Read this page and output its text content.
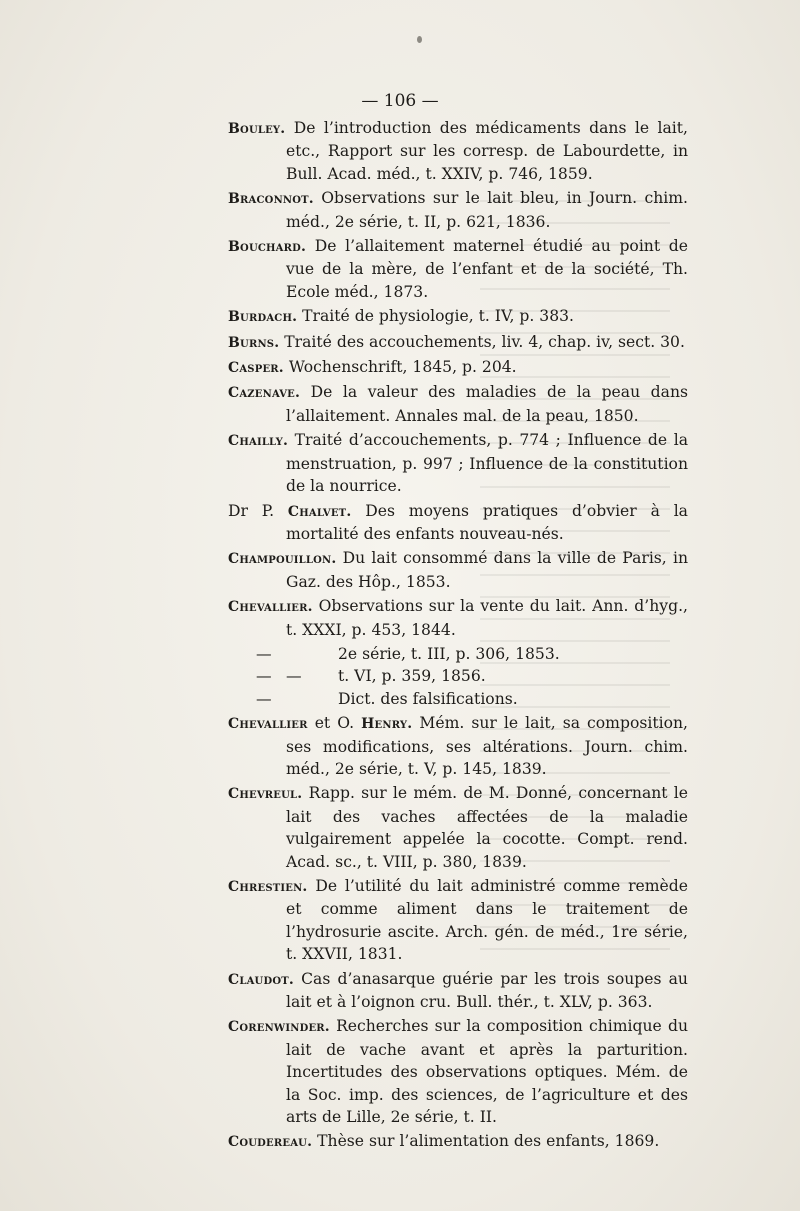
— 106 —
Bouley. De l’introduction des médicaments dans le lait, etc., Rapport sur les corresp. de Labourdette, in Bull. Acad. méd., t. XXIV, p. 746, 1859.
Braconnot. Observations sur le lait bleu, in Journ. chim. méd., 2e série, t. II, p. 621, 1836.
Bouchard. De l’allaitement maternel étudié au point de vue de la mère, de l’enfant et de la société, Th. Ecole méd., 1873.
Burdach. Traité de physiologie, t. IV, p. 383.
Burns. Traité des accouchements, liv. 4, chap. iv, sect. 30.
Casper. Wochenschrift, 1845, p. 204.
Cazenave. De la valeur des maladies de la peau dans l’allaitement. Annales mal. de la peau, 1850.
Chailly. Traité d’accouchements, p. 774 ; Influence de la menstruation, p. 997 ; Influence de la constitution de la nourrice.
Dr P. Chalvet. Des moyens pratiques d’obvier à la mortalité des enfants nouveau-nés.
Champouillon. Du lait consommé dans la ville de Paris, in Gaz. des Hôp., 1853.
Chevallier. Observations sur la vente du lait. Ann. d’hyg., t. XXXI, p. 453, 1844.
—	2e série, t. III, p. 306, 1853.
— —	t. VI, p. 359, 1856.
—	Dict. des falsifications.
Chevallier et O. Henry. Mém. sur le lait, sa composition, ses modifications, ses altérations. Journ. chim. méd., 2e série, t. V, p. 145, 1839.
Chevreul. Rapp. sur le mém. de M. Donné, concernant le lait des vaches affectées de la maladie vulgairement appelée la cocotte. Compt. rend. Acad. sc., t. VIII, p. 380, 1839.
Chrestien. De l’utilité du lait administré comme remède et comme aliment dans le traitement de l’hydrosurie ascite. Arch. gén. de méd., 1re série, t. XXVII, 1831.
Claudot. Cas d’anasarque guérie par les trois soupes au lait et à l’oignon cru. Bull. thér., t. XLV, p. 363.
Corenwinder. Recherches sur la composition chimique du lait de vache avant et après la parturition. Incertitudes des observations optiques. Mém. de la Soc. imp. des sciences, de l’agriculture et des arts de Lille, 2e série, t. II.
Coudereau. Thèse sur l’alimentation des enfants, 1869.
